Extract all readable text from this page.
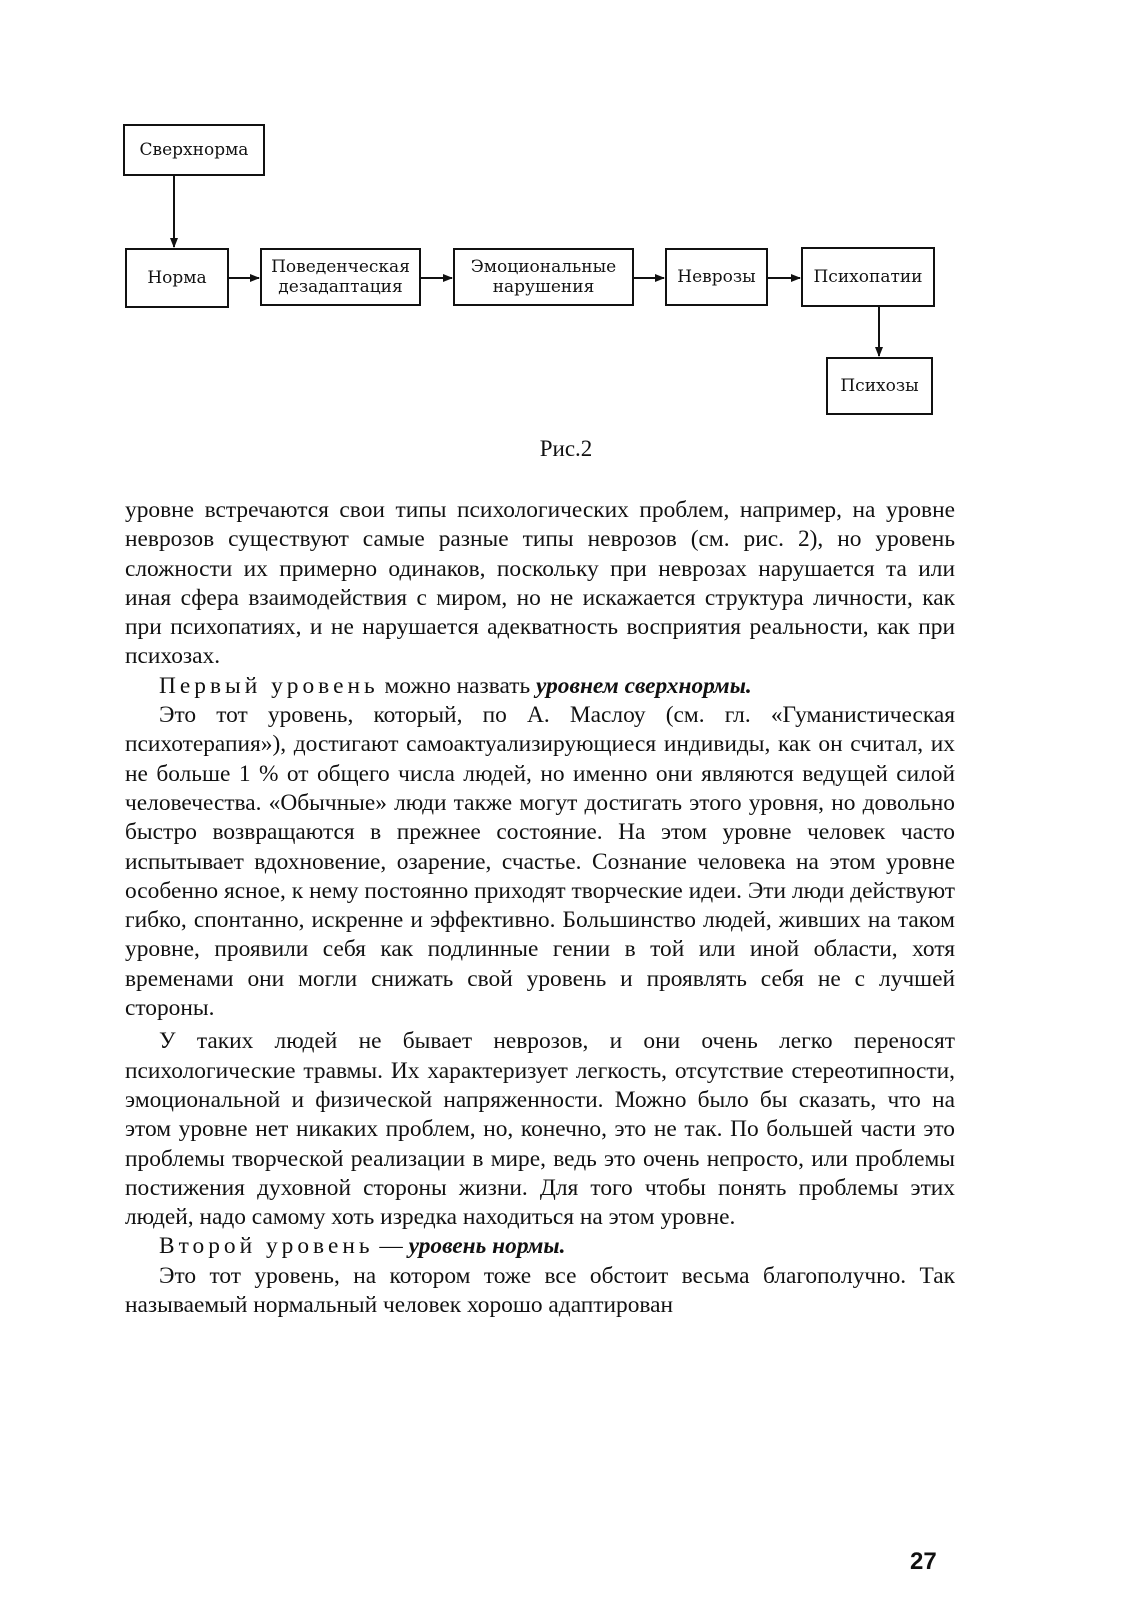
Сверхнорма
Норма
Поведенческая дезадаптация
Эмоциональные нарушения	Неврозы	Психопатии
Психозы
Рис.2

уровне встречаются свои типы психологических проблем, например, на уровне неврозов существуют самые разные типы неврозов (см. рис. 2), но уровень сложности их примерно одинаков, поскольку при неврозах нарушается та или иная сфера взаимодействия с миром, но не искажается структура личности, как при психопатиях, и не нарушается адекватность восприятия реальности, как при психозах.

Первый уровень можно назвать уровнем сверхнормы.

Это тот уровень, который, по А. Маслоу (см. гл. «Гуманистическая психотерапия»), достигают самоактуализирующиеся индивиды, как он считал, их не больше 1 % от общего числа людей, но именно они являются ведущей силой человечества. «Обычные» люди также могут достигать этого уровня, но довольно быстро возвращаются в прежнее состояние. На этом уровне человек часто испытывает вдохновение, озарение, счастье. Сознание человека на этом уровне особенно ясное, к нему постоянно приходят творческие идеи. Эти люди действуют гибко, спонтанно, искренне и эффективно. Большинство людей, живших на таком уровне, проявили себя как подлинные гении в той или иной области, хотя временами они могли снижать свой уровень и проявлять себя не с лучшей стороны.

У таких людей не бывает неврозов, и они очень легко переносят психологические травмы. Их характеризует легкость, отсутствие стереотипности, эмоциональной и физической напряженности. Можно было бы сказать, что на этом уровне нет никаких проблем, но, конечно, это не так. По большей части это проблемы творческой реализации в мире, ведь это очень непросто, или проблемы постижения духовной стороны жизни. Для того чтобы понять проблемы этих людей, надо самому хоть изредка находиться на этом уровне.

Второй уровень — уровень нормы.

Это тот уровень, на котором тоже все обстоит весьма благополучно. Так называемый нормальный человек хорошо адаптирован

27
